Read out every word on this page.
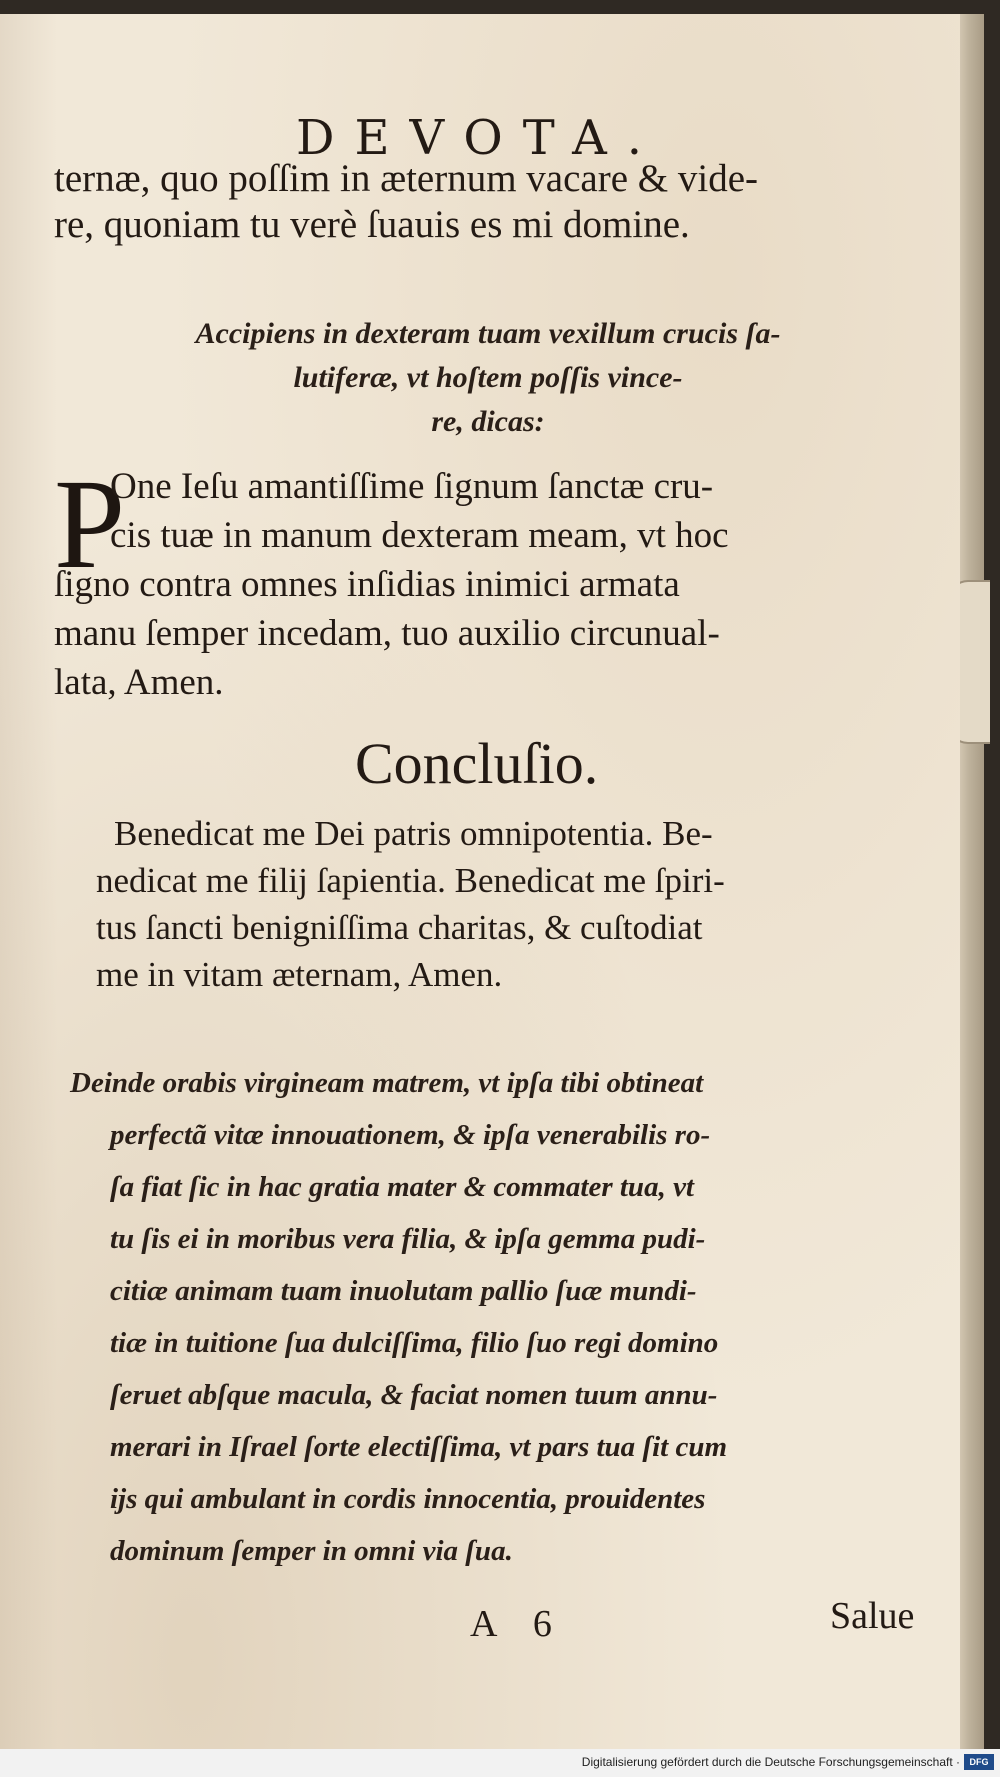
DEVOTA.
ternæ, quo poſſim in æternum vacare & vide-
re, quoniam tu verè ſuauis es mi domine.
Accipiens in dexteram tuam vexillum crucis ſa-
lutiferæ, vt hoſtem poſſis vince-
re, dicas:
P
One Ieſu amantiſſime ſignum ſanctæ cru-
cis tuæ in manum dexteram meam, vt hoc
ſigno contra omnes inſidias inimici armata
manu ſemper incedam, tuo auxilio circunual-
lata, Amen.
Concluſio.
Benedicat me Dei patris omnipotentia. Be-
nedicat me filij ſapientia. Benedicat me ſpiri-
tus ſancti benigniſſima charitas, & cuſtodiat
me in vitam æternam, Amen.
Deinde orabis virgineam matrem, vt ipſa tibi obtineat
perfectã vitæ innouationem, & ipſa venerabilis ro-
ſa fiat ſic in hac gratia mater & commater tua, vt
tu ſis ei in moribus vera filia, & ipſa gemma pudi-
citiæ animam tuam inuolutam pallio ſuæ mundi-
tiæ in tuitione ſua dulciſſima, filio ſuo regi domino
ſeruet abſque macula, & faciat nomen tuum annu-
merari in Iſrael ſorte electiſſima, vt pars tua ſit cum
ijs qui ambulant in cordis innocentia, prouidentes
dominum ſemper in omni via ſua.
A 6	Salue
Digitalisierung gefördert durch die Deutsche Forschungsgemeinschaft ·	DFG
